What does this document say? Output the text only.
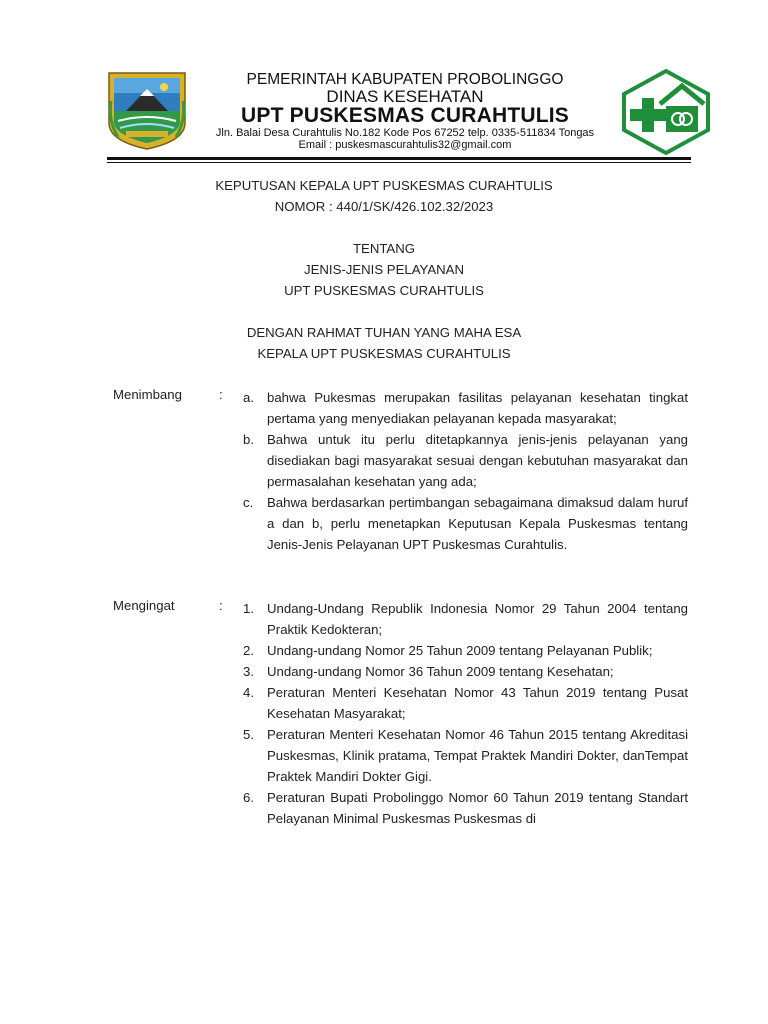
PEMERINTAH KABUPATEN PROBOLINGGO
DINAS KESEHATAN
UPT PUSKESMAS CURAHTULIS
Jln. Balai Desa Curahtulis No.182 Kode Pos 67252 telp. 0335-511834 Tongas
Email : puskesmascurahtulis32@gmail.com
KEPUTUSAN KEPALA UPT PUSKESMAS CURAHTULIS
NOMOR : 440/1/SK/426.102.32/2023
TENTANG
JENIS-JENIS PELAYANAN
UPT PUSKESMAS CURAHTULIS
DENGAN RAHMAT TUHAN YANG MAHA ESA
KEPALA UPT PUSKESMAS CURAHTULIS
Menimbang	: a. bahwa Pukesmas merupakan fasilitas pelayanan kesehatan tingkat pertama yang menyediakan pelayanan kepada masyarakat;
b. Bahwa untuk itu perlu ditetapkannya jenis-jenis pelayanan yang disediakan bagi masyarakat sesuai dengan kebutuhan masyarakat dan permasalahan kesehatan yang ada;
c.	Bahwa berdasarkan pertimbangan sebagaimana dimaksud dalam huruf a dan b, perlu menetapkan Keputusan Kepala Puskesmas tentang Jenis-Jenis Pelayanan UPT Puskesmas Curahtulis.
Mengingat	: 1. Undang-Undang Republik Indonesia Nomor 29 Tahun 2004 tentang Praktik Kedokteran;
2. Undang-undang Nomor 25 Tahun 2009 tentang Pelayanan Publik;
3. Undang-undang Nomor 36 Tahun 2009 tentang Kesehatan;
4. Peraturan Menteri Kesehatan Nomor 43 Tahun 2019 tentang Pusat Kesehatan Masyarakat;
5. Peraturan Menteri Kesehatan Nomor 46 Tahun 2015 tentang Akreditasi Puskesmas, Klinik pratama, Tempat Praktek Mandiri Dokter, danTempat Praktek Mandiri Dokter Gigi.
6. Peraturan Bupati Probolinggo Nomor 60 Tahun 2019 tentang Standart Pelayanan Minimal Puskesmas Puskesmas di
